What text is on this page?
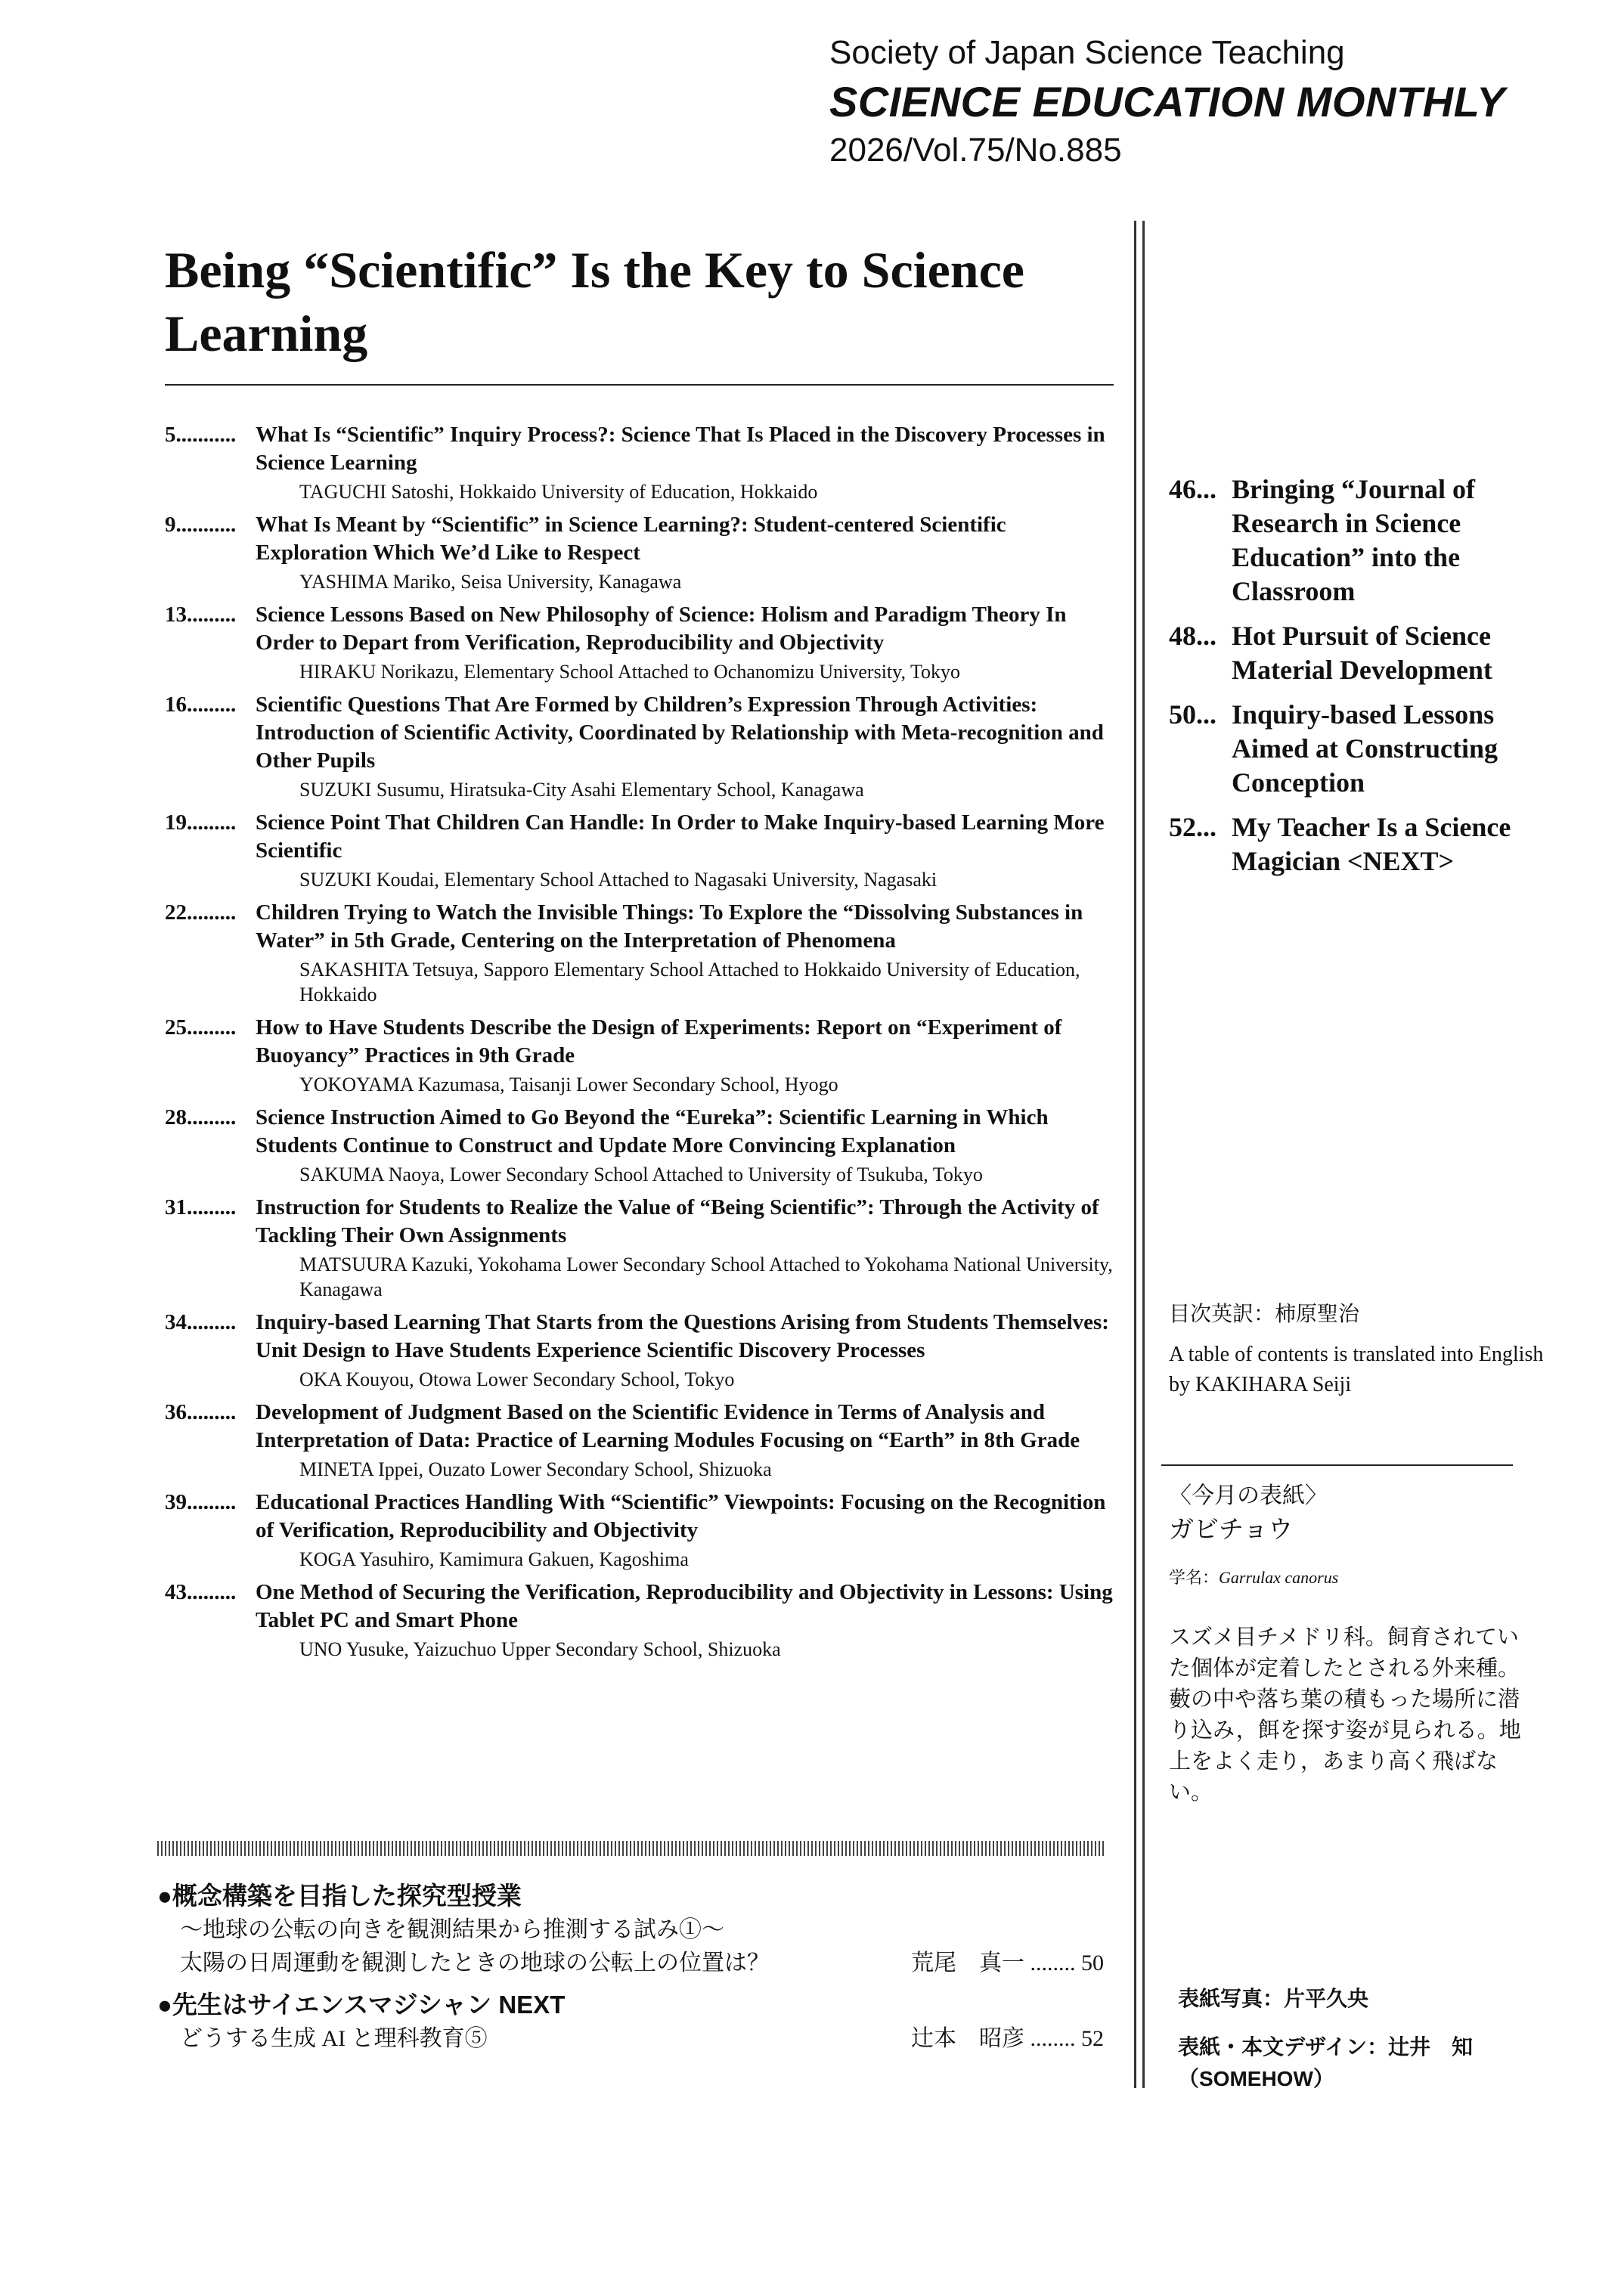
Society of Japan Science Teaching
SCIENCE EDUCATION MONTHLY
2026/Vol.75/No.885
Being “Scientific” Is the Key to Science Learning
5........... What Is “Scientific” Inquiry Process?: Science That Is Placed in the Discovery Processes in Science Learning
TAGUCHI Satoshi, Hokkaido University of Education, Hokkaido
9........... What Is Meant by “Scientific” in Science Learning?: Student-centered Scientific Exploration Which We’d Like to Respect
YASHIMA Mariko, Seisa University, Kanagawa
13......... Science Lessons Based on New Philosophy of Science: Holism and Paradigm Theory In Order to Depart from Verification, Reproducibility and Objectivity
HIRAKU Norikazu, Elementary School Attached to Ochanomizu University, Tokyo
16......... Scientific Questions That Are Formed by Children’s Expression Through Activities: Introduction of Scientific Activity, Coordinated by Relationship with Meta-recognition and Other Pupils
SUZUKI Susumu, Hiratsuka-City Asahi Elementary School, Kanagawa
19......... Science Point That Children Can Handle: In Order to Make Inquiry-based Learning More Scientific
SUZUKI Koudai, Elementary School Attached to Nagasaki University, Nagasaki
22......... Children Trying to Watch the Invisible Things: To Explore the “Dissolving Substances in Water” in 5th Grade, Centering on the Interpretation of Phenomena
SAKASHITA Tetsuya, Sapporo Elementary School Attached to Hokkaido University of Education, Hokkaido
25......... How to Have Students Describe the Design of Experiments: Report on “Experiment of Buoyancy” Practices in 9th Grade
YOKOYAMA Kazumasa, Taisanji Lower Secondary School, Hyogo
28......... Science Instruction Aimed to Go Beyond the “Eureka”: Scientific Learning in Which Students Continue to Construct and Update More Convincing Explanation
SAKUMA Naoya, Lower Secondary School Attached to University of Tsukuba, Tokyo
31......... Instruction for Students to Realize the Value of “Being Scientific”: Through the Activity of Tackling Their Own Assignments
MATSUURA Kazuki, Yokohama Lower Secondary School Attached to Yokohama National University, Kanagawa
34......... Inquiry-based Learning That Starts from the Questions Arising from Students Themselves: Unit Design to Have Students Experience Scientific Discovery Processes
OKA Kouyou, Otowa Lower Secondary School, Tokyo
36......... Development of Judgment Based on the Scientific Evidence in Terms of Analysis and Interpretation of Data: Practice of Learning Modules Focusing on “Earth” in 8th Grade
MINETA Ippei, Ouzato Lower Secondary School, Shizuoka
39......... Educational Practices Handling With “Scientific” Viewpoints: Focusing on the Recognition of Verification, Reproducibility and Objectivity
KOGA Yasuhiro, Kamimura Gakuen, Kagoshima
43......... One Method of Securing the Verification, Reproducibility and Objectivity in Lessons: Using Tablet PC and Smart Phone
UNO Yusuke, Yaizuchuo Upper Secondary School, Shizuoka
●概念構築を目指した探究型授業
～地球の公転の向きを観測結果から推測する試み①～
太陽の日周運動を観測したときの地球の公転上の位置は？	荒尾　真一 ........ 50
●先生はサイエンスマジシャン NEXT
どうする生成 AI と理科教育⑤	辻本　昭彦 ........ 52
46... Bringing “Journal of Research in Science Education” into the Classroom
48... Hot Pursuit of Science Material Development
50... Inquiry-based Lessons Aimed at Constructing Conception
52... My Teacher Is a Science Magician <NEXT>
目次英訳：柿原聖治
A table of contents is translated into English by KAKIHARA Seiji
〈今月の表紙〉
ガビチョウ
学名：Garrulax canorus
スズメ目チメドリ科。飼育されていた個体が定着したとされる外来種。藪の中や落ち葉の積もった場所に潜り込み，餌を探す姿が見られる。地上をよく走り，あまり高く飛ばない。
表紙写真：片平久央
表紙・本文デザイン：辻井　知
（SOMEHOW）
